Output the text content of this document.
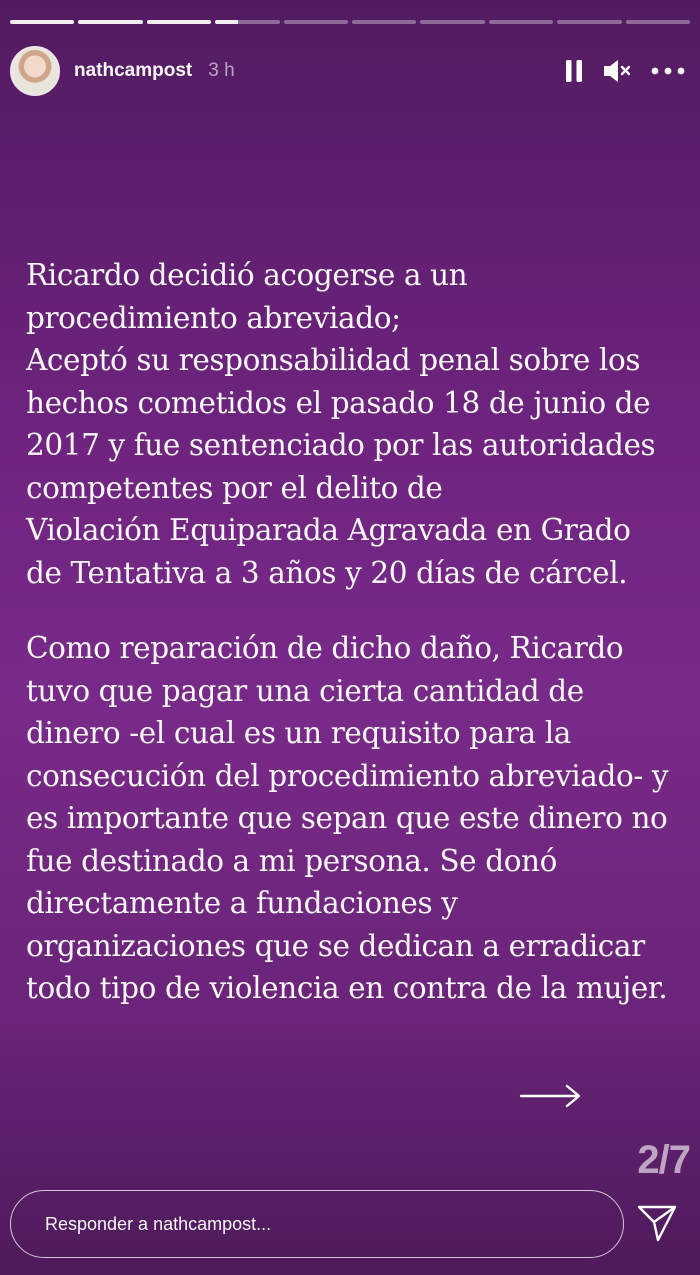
nathcampost 3 h
Ricardo decidió acogerse a un
procedimiento abreviado;
Aceptó su responsabilidad penal sobre los
hechos cometidos el pasado 18 de junio de
2017 y fue sentenciado por las autoridades
competentes por el delito de
Violación Equiparada Agravada en Grado
de Tentativa a 3 años y 20 días de cárcel.
Como reparación de dicho daño, Ricardo
tuvo que pagar una cierta cantidad de
dinero -el cual es un requisito para la
consecución del procedimiento abreviado- y
es importante que sepan que este dinero no
fue destinado a mi persona. Se donó
directamente a fundaciones y
organizaciones que se dedican a erradicar
todo tipo de violencia en contra de la mujer.
2/7
Responder a nathcampost...
